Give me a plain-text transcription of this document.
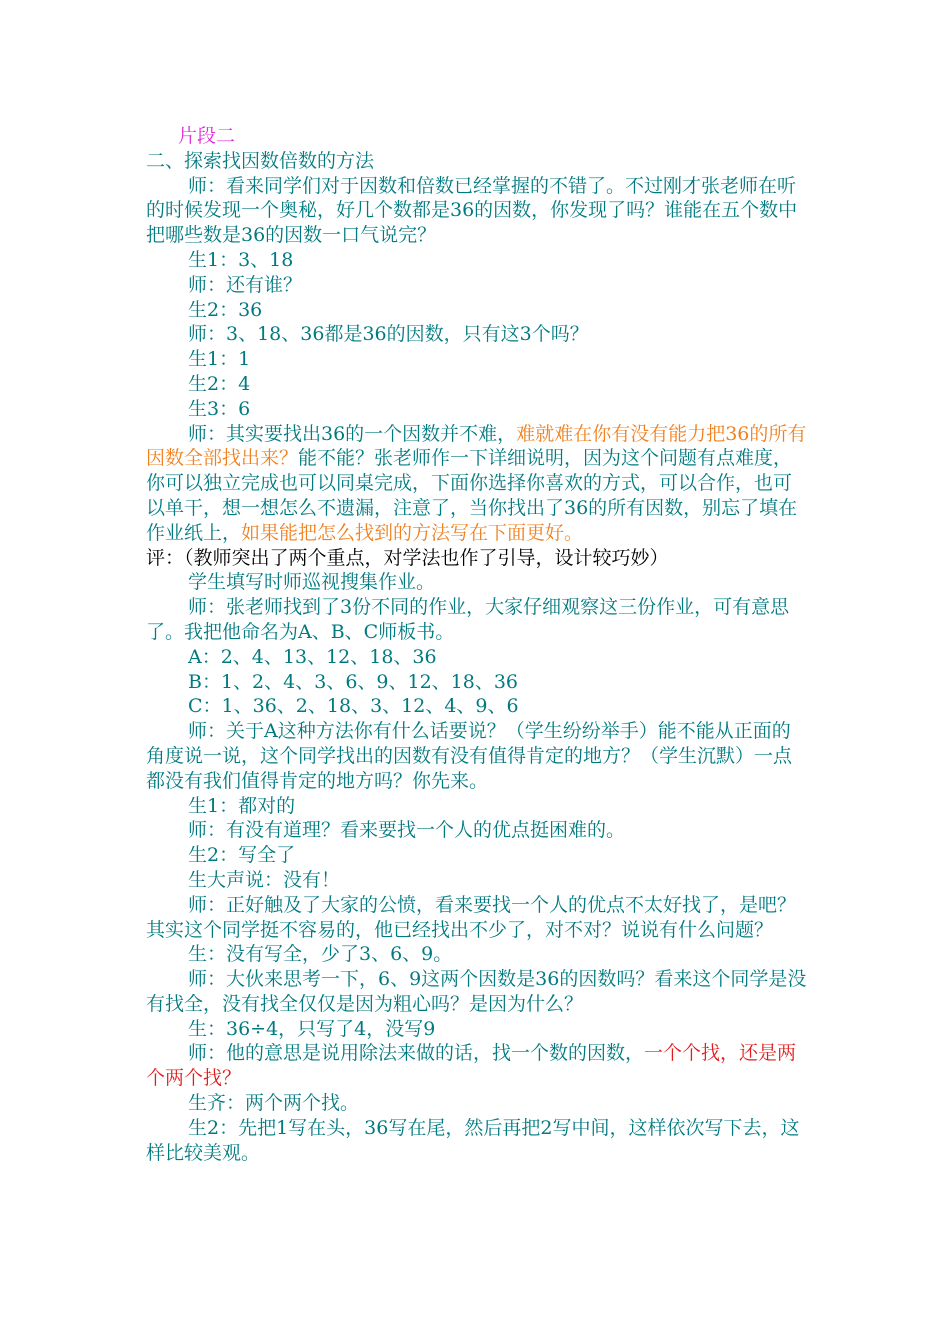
片段二

二、探索找因数倍数的方法

师：看来同学们对于因数和倍数已经掌握的不错了。不过刚才张老师在听的时候发现一个奥秘，好几个数都是36的因数，你发现了吗？谁能在五个数中把哪些数是36的因数一口气说完？

生1：3、18

师：还有谁？

生2：36

师：3、18、36都是36的因数，只有这3个吗？

生1：1

生2：4

生3：6

师：其实要找出36的一个因数并不难，难就难在你有没有能力把36的所有因数全部找出来？能不能？张老师作一下详细说明，因为这个问题有点难度，你可以独立完成也可以同桌完成，下面你选择你喜欢的方式，可以合作，也可以单干，想一想怎么不遗漏，注意了，当你找出了36的所有因数，别忘了填在作业纸上，如果能把怎么找到的方法写在下面更好。

评：（教师突出了两个重点，对学法也作了引导，设计较巧妙）

学生填写时师巡视搜集作业。

师：张老师找到了3份不同的作业，大家仔细观察这三份作业，可有意思了。我把他命名为A、B、C师板书。

A：2、4、13、12、18、36

B：1、2、4、3、6、9、12、18、36

C：1、36、2、18、3、12、4、9、6

师：关于A这种方法你有什么话要说？（学生纷纷举手）能不能从正面的角度说一说，这个同学找出的因数有没有值得肯定的地方？（学生沉默）一点都没有我们值得肯定的地方吗？你先来。

生1：都对的

师：有没有道理？看来要找一个人的优点挺困难的。

生2：写全了

生大声说：没有！

师：正好触及了大家的公愤，看来要找一个人的优点不太好找了，是吧？其实这个同学挺不容易的，他已经找出不少了，对不对？说说有什么问题？

生：没有写全，少了3、6、9。

师：大伙来思考一下，6、9这两个因数是36的因数吗？看来这个同学是没有找全，没有找全仅仅是因为粗心吗？是因为什么？

生：36÷4，只写了4，没写9

师：他的意思是说用除法来做的话，找一个数的因数，一个个找，还是两个两个找？

生齐：两个两个找。

生2：先把1写在头，36写在尾，然后再把2写中间，这样依次写下去，这样比较美观。
